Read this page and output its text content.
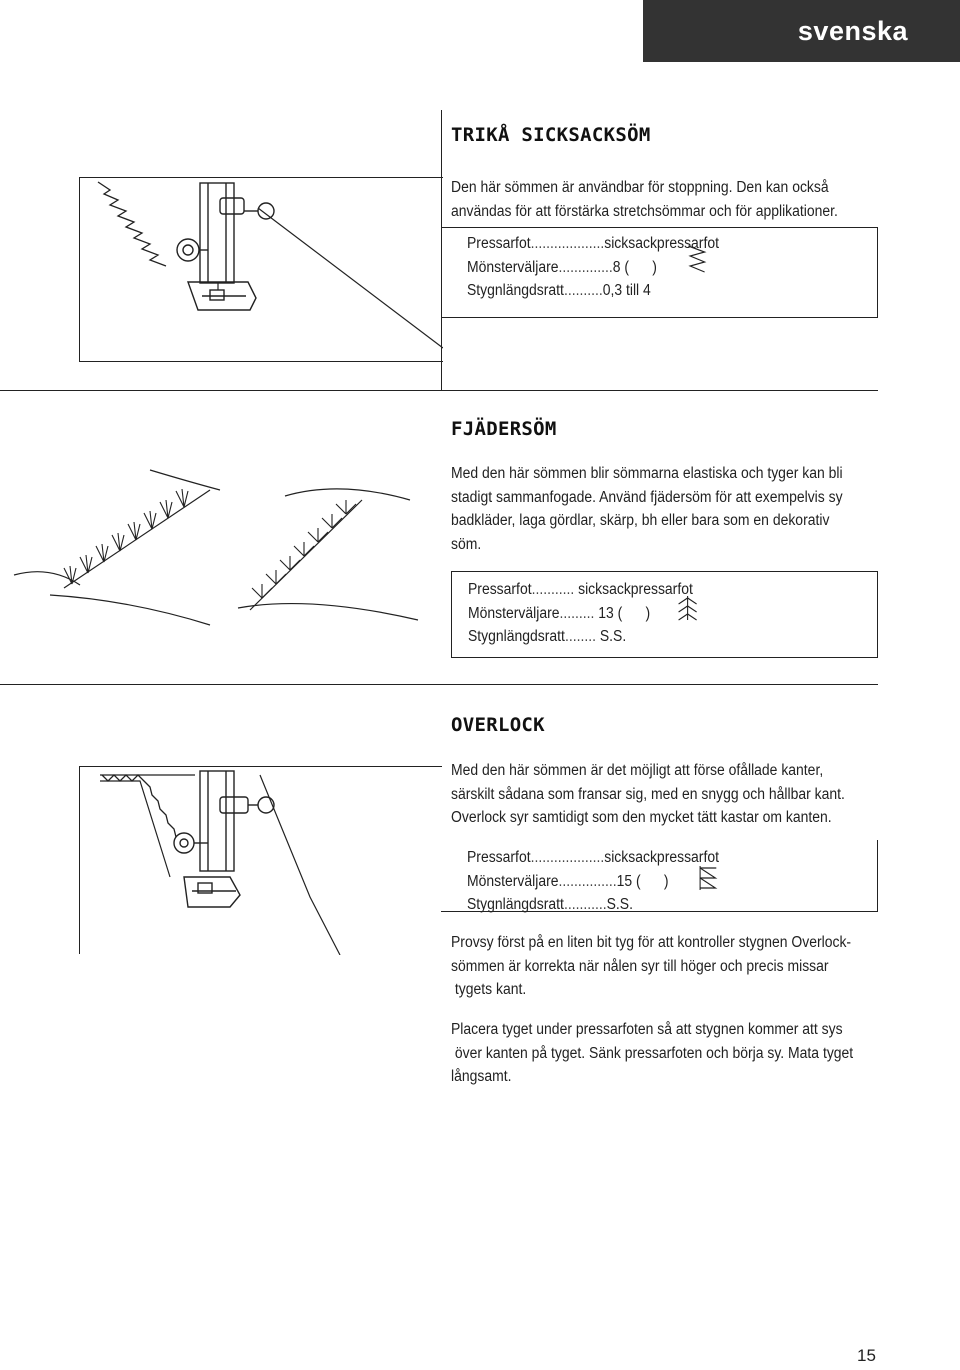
svenska
TRIKÅ SICKSACKSÖM
Den här sömmen är användbar för stoppning. Den kan också
användas för att förstärka stretchsömmar och för applikationer.
Pressarfot...................sicksackpressarfot
Mönsterväljare..............8 (      )
Stygnlängdsratt..........0,3 till 4
FJÄDERSÖM
Med den här sömmen blir sömmarna elastiska och tyger kan bli
stadigt sammanfogade. Använd fjädersöm för att exempelvis sy
badkläder, laga gördlar, skärp, bh eller bara som en dekorativ
söm.
Pressarfot........... sicksackpressarfot
Mönsterväljare......... 13 (      )
Stygnlängdsratt........ S.S.
OVERLOCK
Med den här sömmen är det möjligt att förse ofållade kanter,
särskilt sådana som fransar sig, med en snygg och hållbar kant.
Overlock syr samtidigt som den mycket tätt kastar om kanten.
Pressarfot...................sicksackpressarfot
Mönsterväljare...............15 (      )
Stygnlängdsratt...........S.S.
Provsy först på en liten bit tyg för att kontroller stygnen Overlock-
sömmen är korrekta när nålen syr till höger och precis missar
tygets kant.
Placera tyget under pressarfoten så att stygnen kommer att sys
över kanten på tyget. Sänk pressarfoten och börja sy. Mata tyget
långsamt.
15
